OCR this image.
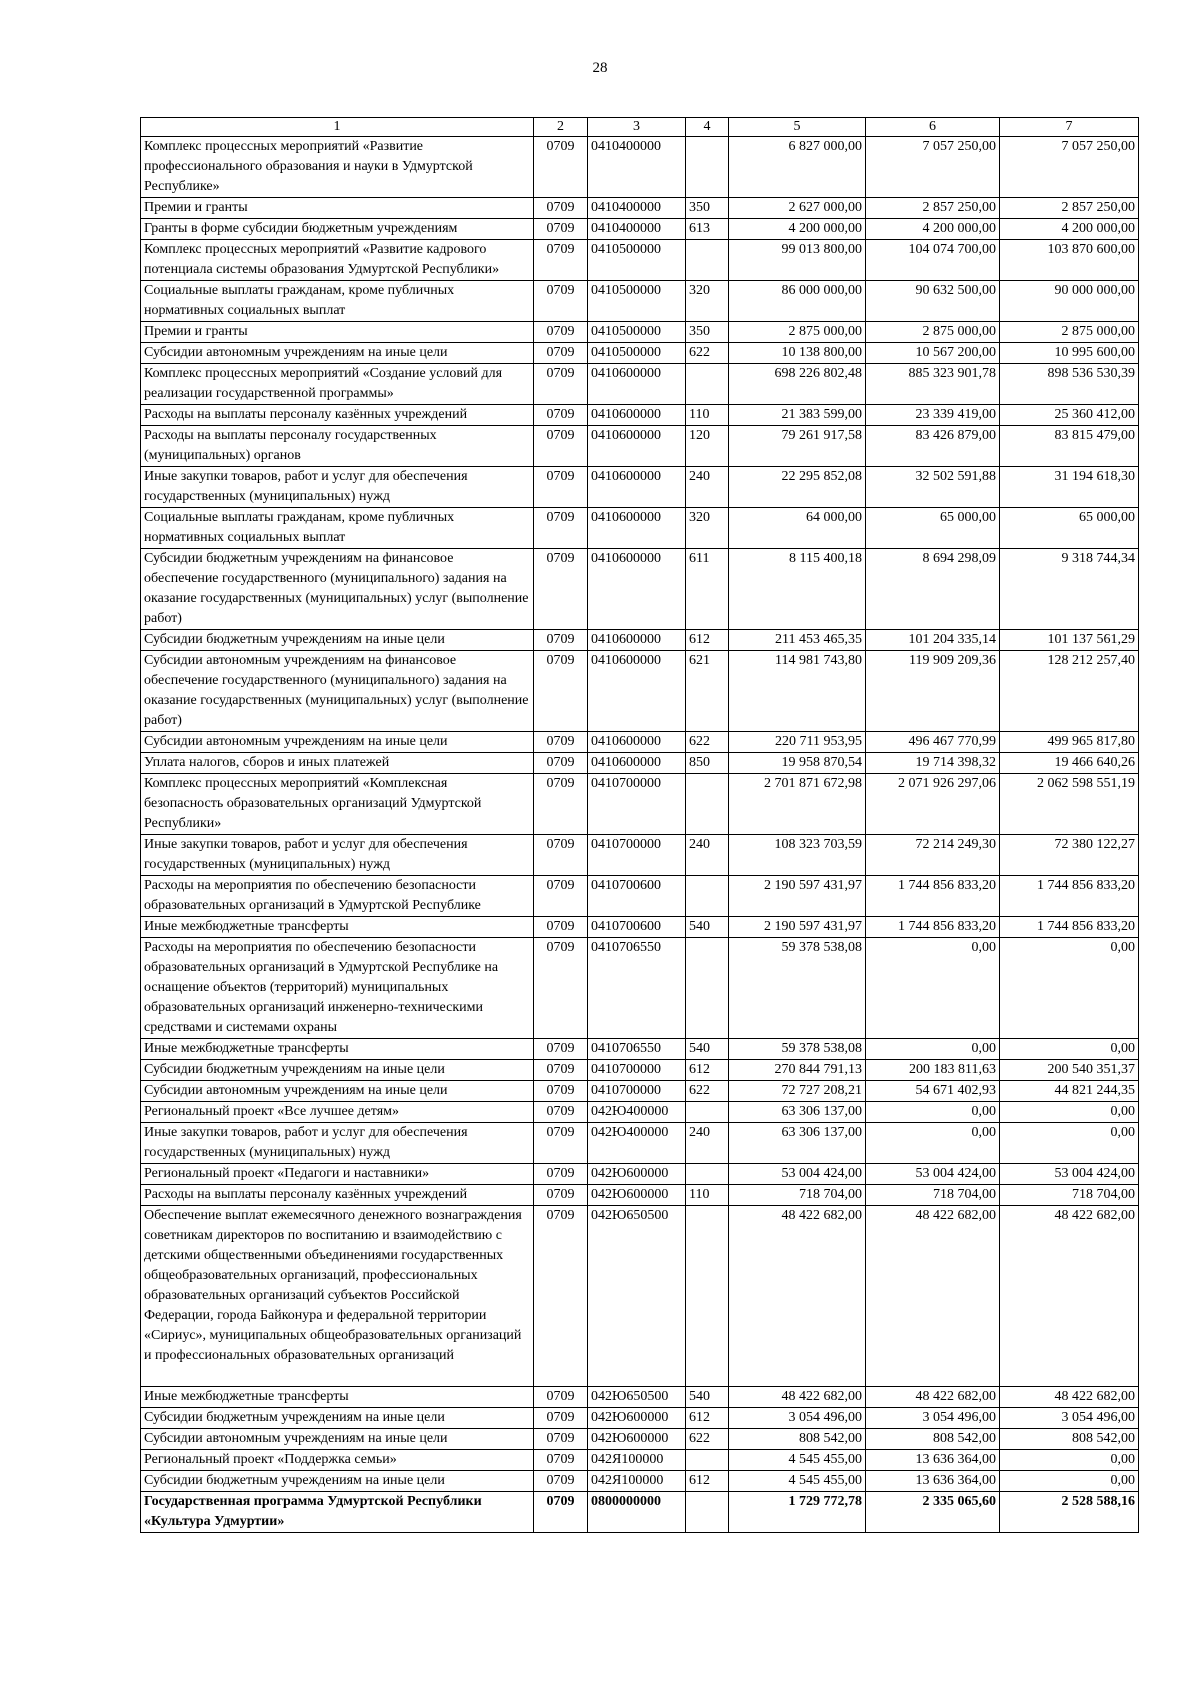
28
1	2	3	4	5	6	7
Комплекс процессных мероприятий «Развитие профессионального образования и науки в Удмуртской Республике»	0709	0410400000		6 827 000,00	7 057 250,00	7 057 250,00
Премии и гранты	0709	0410400000	350	2 627 000,00	2 857 250,00	2 857 250,00
Гранты в форме субсидии бюджетным учреждениям	0709	0410400000	613	4 200 000,00	4 200 000,00	4 200 000,00
Комплекс процессных мероприятий «Развитие кадрового потенциала системы образования Удмуртской Республики»	0709	0410500000		99 013 800,00	104 074 700,00	103 870 600,00
Социальные выплаты гражданам, кроме публичных нормативных социальных выплат	0709	0410500000	320	86 000 000,00	90 632 500,00	90 000 000,00
Премии и гранты	0709	0410500000	350	2 875 000,00	2 875 000,00	2 875 000,00
Субсидии автономным учреждениям на иные цели	0709	0410500000	622	10 138 800,00	10 567 200,00	10 995 600,00
Комплекс процессных мероприятий «Создание условий для реализации государственной программы»	0709	0410600000		698 226 802,48	885 323 901,78	898 536 530,39
Расходы на выплаты персоналу казённых учреждений	0709	0410600000	110	21 383 599,00	23 339 419,00	25 360 412,00
Расходы на выплаты персоналу государственных (муниципальных) органов	0709	0410600000	120	79 261 917,58	83 426 879,00	83 815 479,00
Иные закупки товаров, работ и услуг для обеспечения государственных (муниципальных) нужд	0709	0410600000	240	22 295 852,08	32 502 591,88	31 194 618,30
Социальные выплаты гражданам, кроме публичных нормативных социальных выплат	0709	0410600000	320	64 000,00	65 000,00	65 000,00
Субсидии бюджетным учреждениям на финансовое обеспечение государственного (муниципального) задания на оказание государственных (муниципальных) услуг (выполнение работ)	0709	0410600000	611	8 115 400,18	8 694 298,09	9 318 744,34
Субсидии бюджетным учреждениям на иные цели	0709	0410600000	612	211 453 465,35	101 204 335,14	101 137 561,29
Субсидии автономным учреждениям на финансовое обеспечение государственного (муниципального) задания на оказание государственных (муниципальных) услуг (выполнение работ)	0709	0410600000	621	114 981 743,80	119 909 209,36	128 212 257,40
Субсидии автономным учреждениям на иные цели	0709	0410600000	622	220 711 953,95	496 467 770,99	499 965 817,80
Уплата налогов, сборов и иных платежей	0709	0410600000	850	19 958 870,54	19 714 398,32	19 466 640,26
Комплекс процессных мероприятий «Комплексная безопасность образовательных организаций Удмуртской Республики»	0709	0410700000		2 701 871 672,98	2 071 926 297,06	2 062 598 551,19
Иные закупки товаров, работ и услуг для обеспечения государственных (муниципальных) нужд	0709	0410700000	240	108 323 703,59	72 214 249,30	72 380 122,27
Расходы на мероприятия по обеспечению безопасности образовательных организаций в Удмуртской Республике	0709	0410700600		2 190 597 431,97	1 744 856 833,20	1 744 856 833,20
Иные межбюджетные трансферты	0709	0410700600	540	2 190 597 431,97	1 744 856 833,20	1 744 856 833,20
Расходы на мероприятия по обеспечению безопасности образовательных организаций в Удмуртской Республике на оснащение объектов (территорий) муниципальных образовательных организаций инженерно-техническими средствами и системами охраны	0709	0410706550		59 378 538,08	0,00	0,00
Иные межбюджетные трансферты	0709	0410706550	540	59 378 538,08	0,00	0,00
Субсидии бюджетным учреждениям на иные цели	0709	0410700000	612	270 844 791,13	200 183 811,63	200 540 351,37
Субсидии автономным учреждениям на иные цели	0709	0410700000	622	72 727 208,21	54 671 402,93	44 821 244,35
Региональный проект «Все лучшее детям»	0709	042Ю400000		63 306 137,00	0,00	0,00
Иные закупки товаров, работ и услуг для обеспечения государственных (муниципальных) нужд	0709	042Ю400000	240	63 306 137,00	0,00	0,00
Региональный проект «Педагоги и наставники»	0709	042Ю600000		53 004 424,00	53 004 424,00	53 004 424,00
Расходы на выплаты персоналу казённых учреждений	0709	042Ю600000	110	718 704,00	718 704,00	718 704,00
Обеспечение выплат ежемесячного денежного вознаграждения советникам директоров по воспитанию и взаимодействию с детскими общественными объединениями государственных общеобразовательных организаций, профессиональных образовательных организаций субъектов Российской Федерации, города Байконура и федеральной территории «Сириус», муниципальных общеобразовательных организаций и профессиональных образовательных организаций	0709	042Ю650500		48 422 682,00	48 422 682,00	48 422 682,00
Иные межбюджетные трансферты	0709	042Ю650500	540	48 422 682,00	48 422 682,00	48 422 682,00
Субсидии бюджетным учреждениям на иные цели	0709	042Ю600000	612	3 054 496,00	3 054 496,00	3 054 496,00
Субсидии автономным учреждениям на иные цели	0709	042Ю600000	622	808 542,00	808 542,00	808 542,00
Региональный проект «Поддержка семьи»	0709	042Я100000		4 545 455,00	13 636 364,00	0,00
Субсидии бюджетным учреждениям на иные цели	0709	042Я100000	612	4 545 455,00	13 636 364,00	0,00
Государственная программа Удмуртской Республики «Культура Удмуртии»	0709	0800000000		1 729 772,78	2 335 065,60	2 528 588,16
